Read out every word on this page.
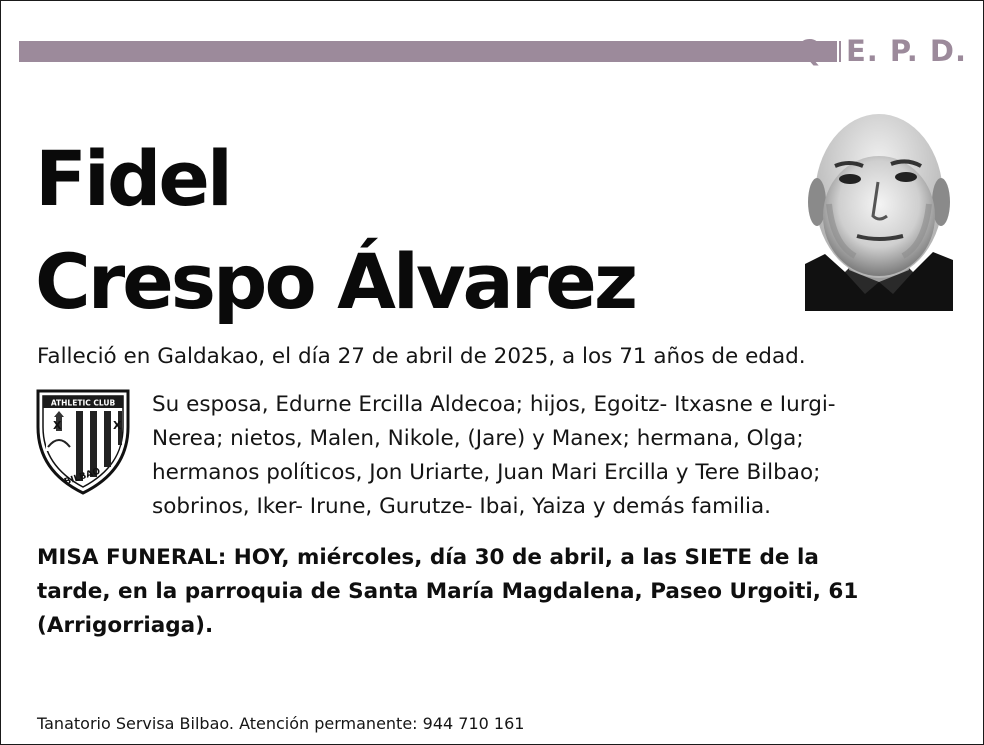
Q. E. P. D.
Fidel
Crespo Álvarez
Falleció en Galdakao, el día 27 de abril de 2025, a los 71 años de edad.
ATHLETIC CLUB
X	X
BILBAO
Su esposa, Edurne Ercilla Aldecoa; hijos, Egoitz- Itxasne e Iurgi-
Nerea; nietos, Malen, Nikole, (Jare) y Manex; hermana, Olga;
hermanos políticos, Jon Uriarte, Juan Mari Ercilla y Tere Bilbao;
sobrinos, Iker- Irune, Gurutze- Ibai, Yaiza y demás familia.
MISA FUNERAL: HOY, miércoles, día 30 de abril, a las SIETE de la
tarde, en la parroquia de Santa María Magdalena, Paseo Urgoiti, 61
(Arrigorriaga).
Tanatorio Servisa Bilbao. Atención permanente: 944 710 161
